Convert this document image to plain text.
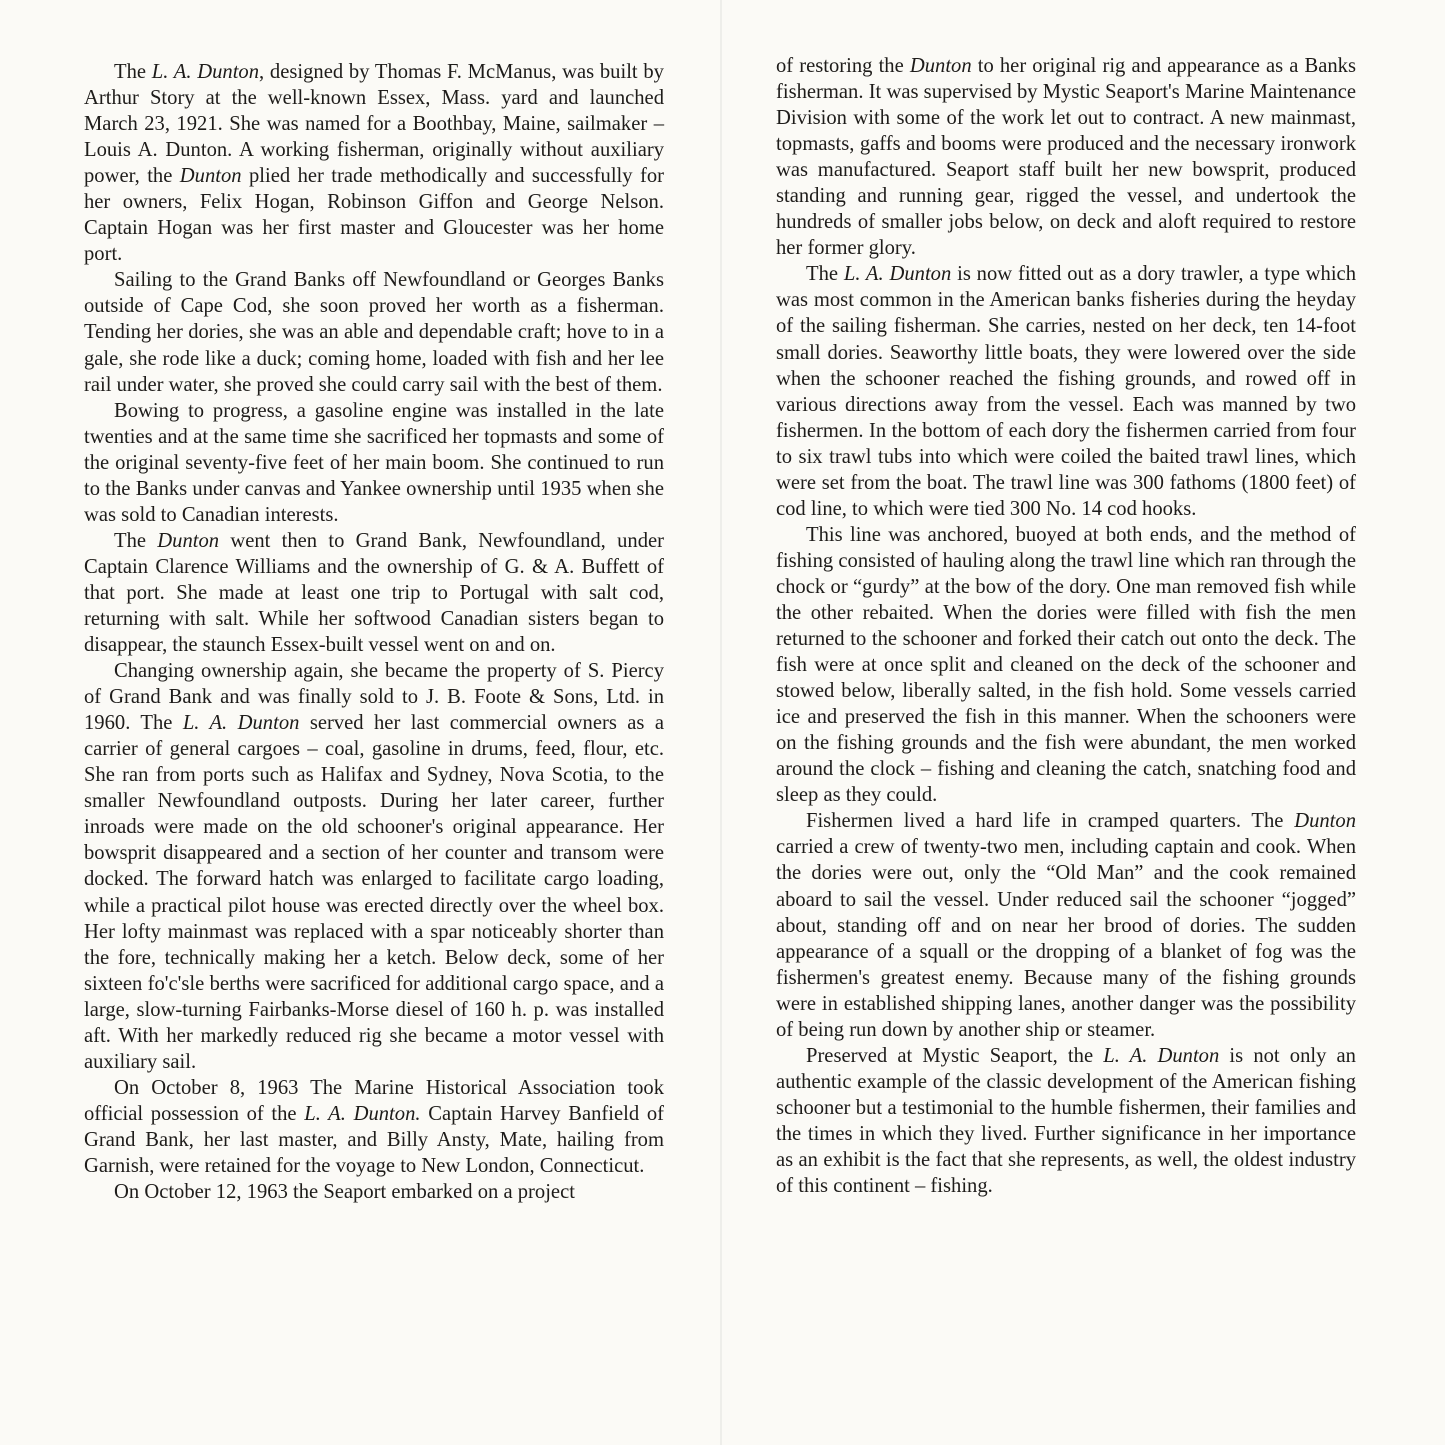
The L. A. Dunton, designed by Thomas F. McManus, was built by Arthur Story at the well-known Essex, Mass. yard and launched March 23, 1921. She was named for a Boothbay, Maine, sailmaker – Louis A. Dunton. A working fisherman, originally without auxiliary power, the Dunton plied her trade methodically and successfully for her owners, Felix Hogan, Robinson Giffon and George Nelson. Captain Hogan was her first master and Gloucester was her home port.

Sailing to the Grand Banks off Newfoundland or Georges Banks outside of Cape Cod, she soon proved her worth as a fisherman. Tending her dories, she was an able and dependable craft; hove to in a gale, she rode like a duck; coming home, loaded with fish and her lee rail under water, she proved she could carry sail with the best of them.

Bowing to progress, a gasoline engine was installed in the late twenties and at the same time she sacrificed her topmasts and some of the original seventy-five feet of her main boom. She continued to run to the Banks under canvas and Yankee ownership until 1935 when she was sold to Canadian interests.

The Dunton went then to Grand Bank, Newfoundland, under Captain Clarence Williams and the ownership of G. & A. Buffett of that port. She made at least one trip to Portugal with salt cod, returning with salt. While her softwood Canadian sisters began to disappear, the staunch Essex-built vessel went on and on.

Changing ownership again, she became the property of S. Piercy of Grand Bank and was finally sold to J. B. Foote & Sons, Ltd. in 1960. The L. A. Dunton served her last commercial owners as a carrier of general cargoes – coal, gasoline in drums, feed, flour, etc. She ran from ports such as Halifax and Sydney, Nova Scotia, to the smaller Newfoundland outposts. During her later career, further inroads were made on the old schooner's original appearance. Her bowsprit disappeared and a section of her counter and transom were docked. The forward hatch was enlarged to facilitate cargo loading, while a practical pilot house was erected directly over the wheel box. Her lofty mainmast was replaced with a spar noticeably shorter than the fore, technically making her a ketch. Below deck, some of her sixteen fo'c'sle berths were sacrificed for additional cargo space, and a large, slow-turning Fairbanks-Morse diesel of 160 h. p. was installed aft. With her markedly reduced rig she became a motor vessel with auxiliary sail.

On October 8, 1963 The Marine Historical Association took official possession of the L. A. Dunton. Captain Harvey Banfield of Grand Bank, her last master, and Billy Ansty, Mate, hailing from Garnish, were retained for the voyage to New London, Connecticut.

On October 12, 1963 the Seaport embarked on a project

of restoring the Dunton to her original rig and appearance as a Banks fisherman. It was supervised by Mystic Seaport's Marine Maintenance Division with some of the work let out to contract. A new mainmast, topmasts, gaffs and booms were produced and the necessary ironwork was manufactured. Seaport staff built her new bowsprit, produced standing and running gear, rigged the vessel, and undertook the hundreds of smaller jobs below, on deck and aloft required to restore her former glory.

The L. A. Dunton is now fitted out as a dory trawler, a type which was most common in the American banks fisheries during the heyday of the sailing fisherman. She carries, nested on her deck, ten 14-foot small dories. Seaworthy little boats, they were lowered over the side when the schooner reached the fishing grounds, and rowed off in various directions away from the vessel. Each was manned by two fishermen. In the bottom of each dory the fishermen carried from four to six trawl tubs into which were coiled the baited trawl lines, which were set from the boat. The trawl line was 300 fathoms (1800 feet) of cod line, to which were tied 300 No. 14 cod hooks.

This line was anchored, buoyed at both ends, and the method of fishing consisted of hauling along the trawl line which ran through the chock or “gurdy” at the bow of the dory. One man removed fish while the other rebaited. When the dories were filled with fish the men returned to the schooner and forked their catch out onto the deck. The fish were at once split and cleaned on the deck of the schooner and stowed below, liberally salted, in the fish hold. Some vessels carried ice and preserved the fish in this manner. When the schooners were on the fishing grounds and the fish were abundant, the men worked around the clock – fishing and cleaning the catch, snatching food and sleep as they could.

Fishermen lived a hard life in cramped quarters. The Dunton carried a crew of twenty-two men, including captain and cook. When the dories were out, only the “Old Man” and the cook remained aboard to sail the vessel. Under reduced sail the schooner “jogged” about, standing off and on near her brood of dories. The sudden appearance of a squall or the dropping of a blanket of fog was the fishermen's greatest enemy. Because many of the fishing grounds were in established shipping lanes, another danger was the possibility of being run down by another ship or steamer.

Preserved at Mystic Seaport, the L. A. Dunton is not only an authentic example of the classic development of the American fishing schooner but a testimonial to the humble fishermen, their families and the times in which they lived. Further significance in her importance as an exhibit is the fact that she represents, as well, the oldest industry of this continent – fishing.
